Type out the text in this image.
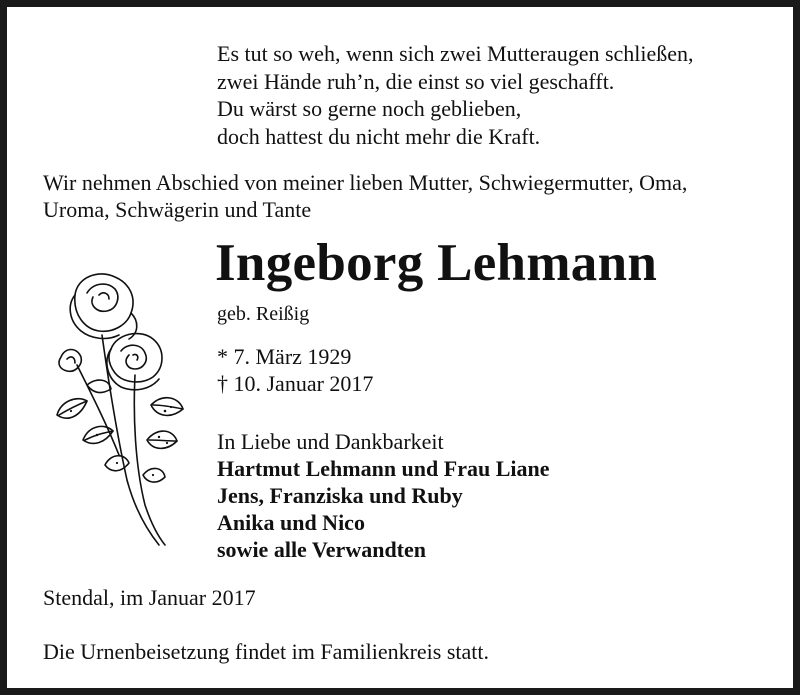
Es tut so weh, wenn sich zwei Mutteraugen schließen,
zwei Hände ruh’n, die einst so viel geschafft.
Du wärst so gerne noch geblieben,
doch hattest du nicht mehr die Kraft.
Wir nehmen Abschied von meiner lieben Mutter, Schwiegermutter, Oma,
Uroma, Schwägerin und Tante
Ingeborg Lehmann
geb. Reißig
* 7. März 1929
† 10. Januar 2017
In Liebe und Dankbarkeit
Hartmut Lehmann und Frau Liane
Jens, Franziska und Ruby
Anika und Nico
sowie alle Verwandten
Stendal, im Januar 2017
Die Urnenbeisetzung findet im Familienkreis statt.
